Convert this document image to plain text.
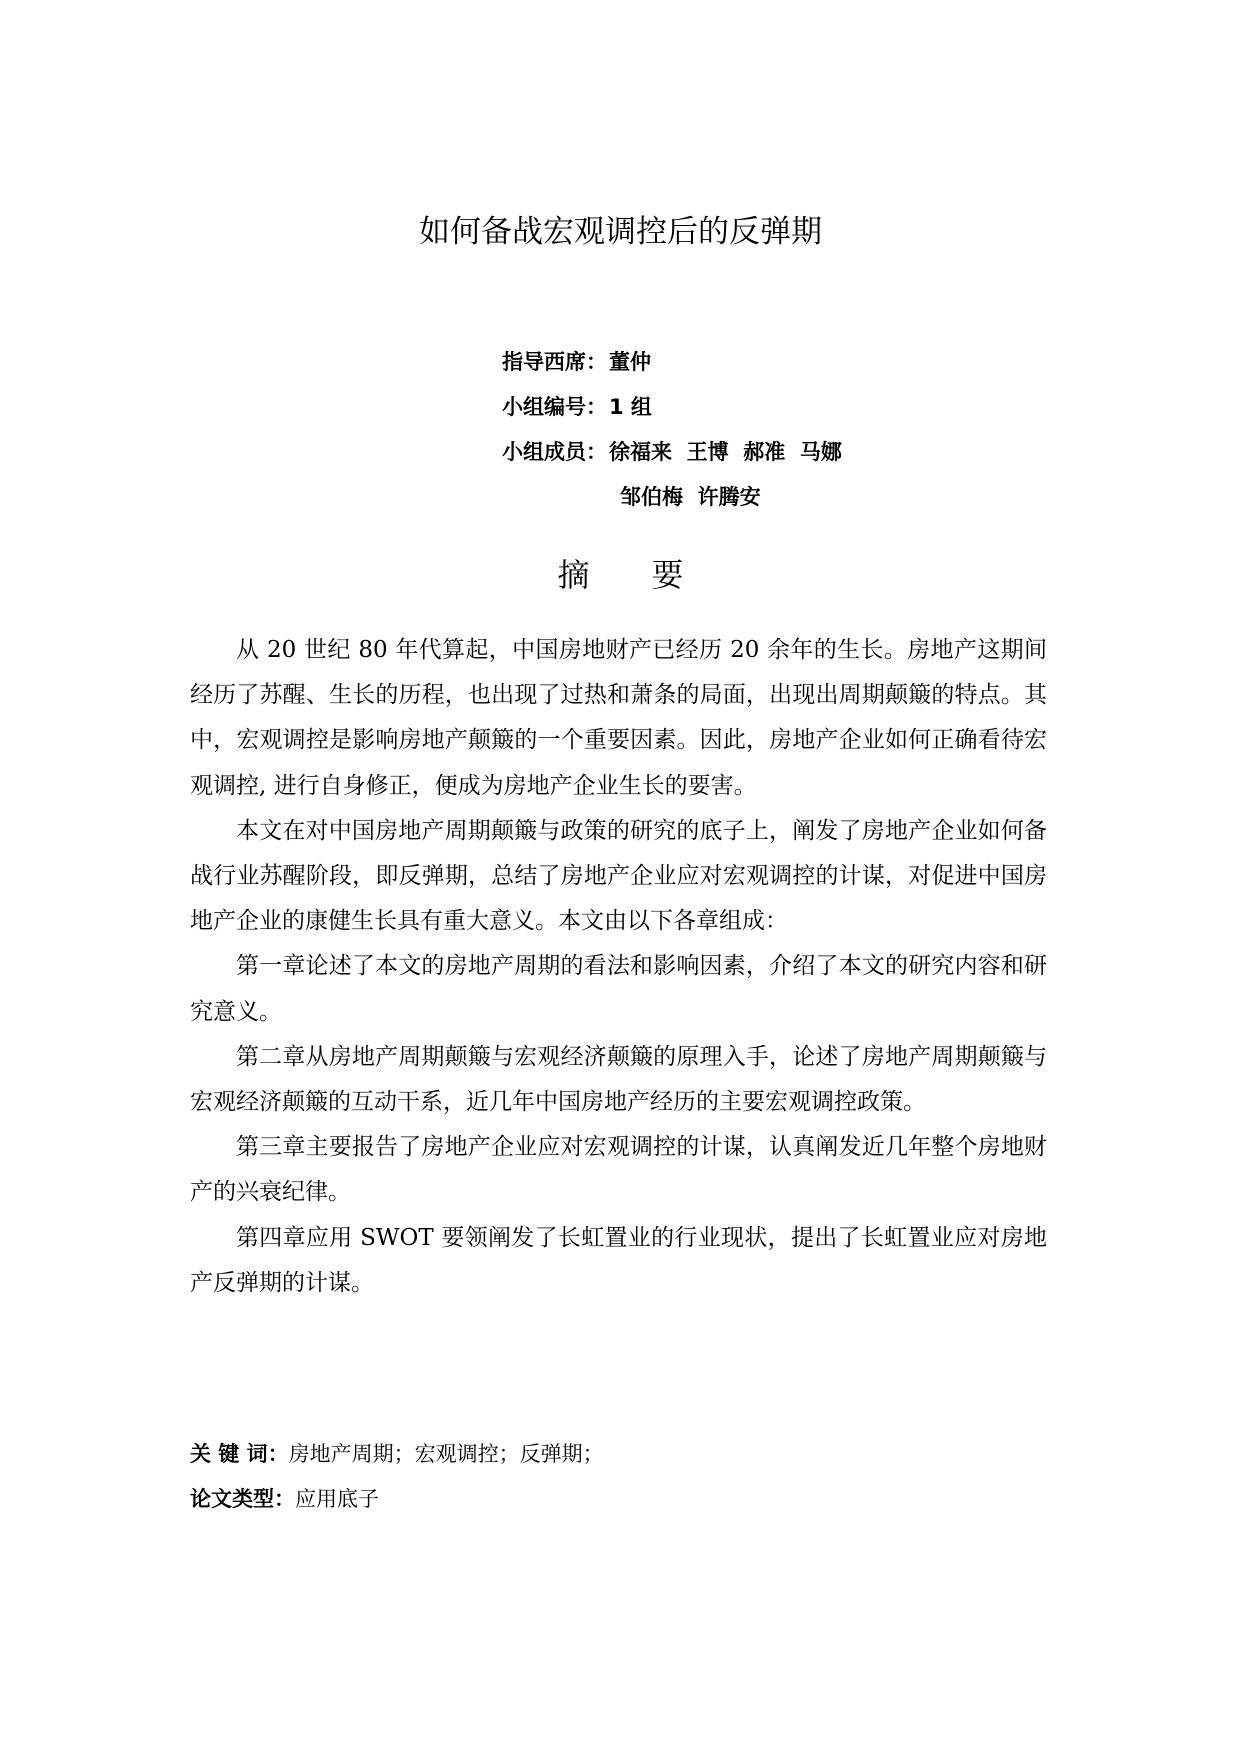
如何备战宏观调控后的反弹期
指导西席：董仲
小组编号：1 组
小组成员：徐福来  王博  郝准  马娜
邹伯梅  许腾安
摘 要

从 20 世纪 80 年代算起，中国房地财产已经历 20 余年的生长。房地产这期间经历了苏醒、生长的历程，也出现了过热和萧条的局面，出现出周期颠簸的特点。其中，宏观调控是影响房地产颠簸的一个重要因素。因此，房地产企业如何正确看待宏观调控, 进行自身修正，便成为房地产企业生长的要害。

本文在对中国房地产周期颠簸与政策的研究的底子上，阐发了房地产企业如何备战行业苏醒阶段，即反弹期，总结了房地产企业应对宏观调控的计谋，对促进中国房地产企业的康健生长具有重大意义。本文由以下各章组成：

第一章论述了本文的房地产周期的看法和影响因素，介绍了本文的研究内容和研究意义。

第二章从房地产周期颠簸与宏观经济颠簸的原理入手，论述了房地产周期颠簸与宏观经济颠簸的互动干系，近几年中国房地产经历的主要宏观调控政策。

第三章主要报告了房地产企业应对宏观调控的计谋，认真阐发近几年整个房地财产的兴衰纪律。

第四章应用 SWOT 要领阐发了长虹置业的行业现状，提出了长虹置业应对房地产反弹期的计谋。

关 键 词：房地产周期；宏观调控；反弹期；
论文类型：应用底子
